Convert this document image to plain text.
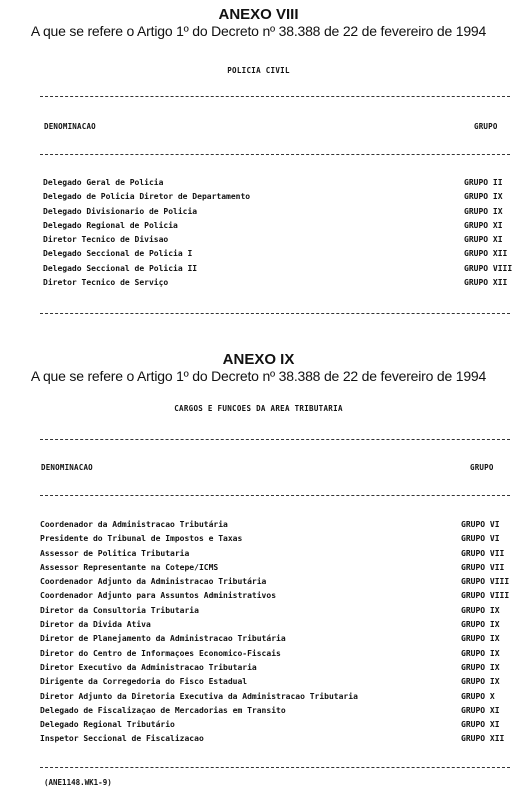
ANEXO VIII
A que se refere o Artigo 1º do Decreto nº 38.388 de 22 de fevereiro de 1994
POLICIA CIVIL
DENOMINACAO	GRUPO
Delegado Geral de Policia	GRUPO II
Delegado de Policia Diretor de Departamento	GRUPO IX
Delegado Divisionario de Policia	GRUPO IX
Delegado Regional de Policia	GRUPO XI
Diretor Tecnico de Divisao	GRUPO XI
Delegado Seccional de Policia I	GRUPO XII
Delegado Seccional de Policia II	GRUPO VIII
Diretor Tecnico de Serviço	GRUPO XII
ANEXO IX
A que se refere o Artigo 1º do Decreto nº 38.388 de 22 de fevereiro de 1994
CARGOS E FUNCOES DA AREA TRIBUTARIA
DENOMINACAO	GRUPO
Coordenador da Administracao Tributária	GRUPO VI
Presidente do Tribunal de Impostos e Taxas	GRUPO VI
Assessor de Politica Tributaria	GRUPO VII
Assessor Representante na Cotepe/ICMS	GRUPO VII
Coordenador Adjunto da Administracao Tributária	GRUPO VIII
Coordenador Adjunto para Assuntos Administrativos	GRUPO VIII
Diretor da Consultoria Tributaria	GRUPO IX
Diretor da Divida Ativa	GRUPO IX
Diretor de Planejamento da Administracao Tributária	GRUPO IX
Diretor do Centro de Informaçoes Economico-Fiscais	GRUPO IX
Diretor Executivo da Administracao Tributaria	GRUPO IX
Dirigente da Corregedoria do Fisco Estadual	GRUPO IX
Diretor Adjunto da Diretoria Executiva da Administracao Tributaria	GRUPO X
Delegado de Fiscalizaçao de Mercadorias em Transito	GRUPO XI
Delegado Regional Tributário	GRUPO XI
Inspetor Seccional de Fiscalizacao	GRUPO XII
(ANE1148.WK1-9)
